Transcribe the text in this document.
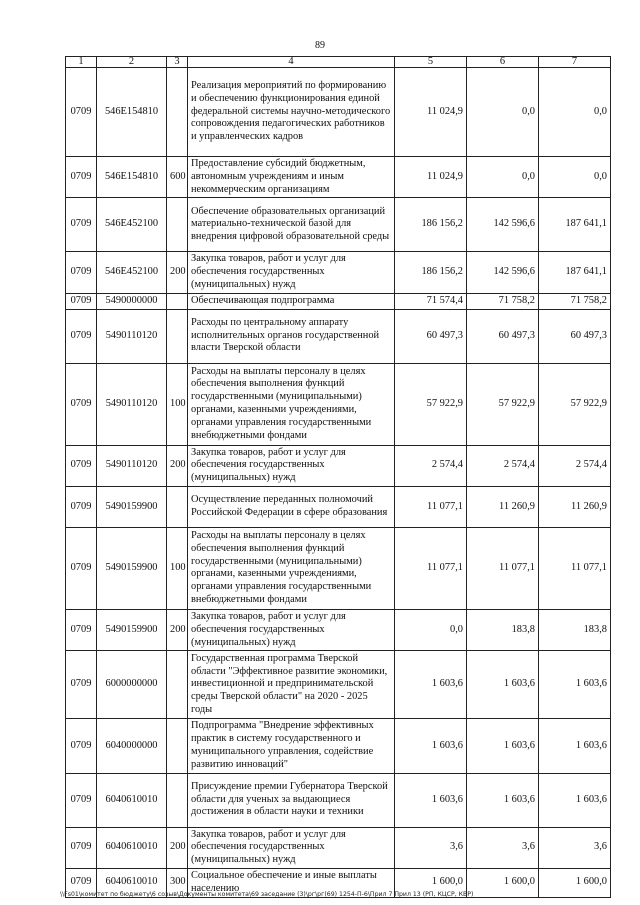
89
1	2	3	4	5	6	7
0709	546E154810		Реализация мероприятий по формированию и обеспечению функционирования единой федеральной системы научно-методического сопровождения педагогических работников и управленческих кадров	11 024,9	0,0	0,0
0709	546E154810	600	Предоставление субсидий бюджетным, автономным учреждениям и иным некоммерческим организациям	11 024,9	0,0	0,0
0709	546E452100		Обеспечение образовательных организаций материально-технической базой для внедрения цифровой образовательной среды	186 156,2	142 596,6	187 641,1
0709	546E452100	200	Закупка товаров, работ и услуг для обеспечения государственных (муниципальных) нужд	186 156,2	142 596,6	187 641,1
0709	5490000000		Обеспечивающая подпрограмма	71 574,4	71 758,2	71 758,2
0709	5490110120		Расходы по центральному аппарату исполнительных органов государственной власти Тверской области	60 497,3	60 497,3	60 497,3
0709	5490110120	100	Расходы на выплаты персоналу в целях обеспечения выполнения функций государственными (муниципальными) органами, казенными учреждениями, органами управления государственными внебюджетными фондами	57 922,9	57 922,9	57 922,9
0709	5490110120	200	Закупка товаров, работ и услуг для обеспечения государственных (муниципальных) нужд	2 574,4	2 574,4	2 574,4
0709	5490159900		Осуществление переданных полномочий Российской Федерации в сфере образования	11 077,1	11 260,9	11 260,9
0709	5490159900	100	Расходы на выплаты персоналу в целях обеспечения выполнения функций государственными (муниципальными) органами, казенными учреждениями, органами управления государственными внебюджетными фондами	11 077,1	11 077,1	11 077,1
0709	5490159900	200	Закупка товаров, работ и услуг для обеспечения государственных (муниципальных) нужд	0,0	183,8	183,8
0709	6000000000		Государственная программа Тверской области "Эффективное развитие экономики, инвестиционной и предпринимательской среды Тверской области" на 2020 - 2025 годы	1 603,6	1 603,6	1 603,6
0709	6040000000		Подпрограмма "Внедрение эффективных практик в систему государственного и муниципального управления, содействие развитию инноваций"	1 603,6	1 603,6	1 603,6
0709	6040610010		Присуждение премии Губернатора Тверской области для ученых за выдающиеся достижения в области науки и техники	1 603,6	1 603,6	1 603,6
0709	6040610010	200	Закупка товаров, работ и услуг для обеспечения государственных (муниципальных) нужд	3,6	3,6	3,6
0709	6040610010	300	Социальное обеспечение и иные выплаты населению	1 600,0	1 600,0	1 600,0
\\Fs01\комитет по бюджету\6 созыв\Документы комитета\69 заседание (3)\рг\рг(69) 1254-П-6\Прил 7 Прил 13 (РП, КЦСР, КВР)
